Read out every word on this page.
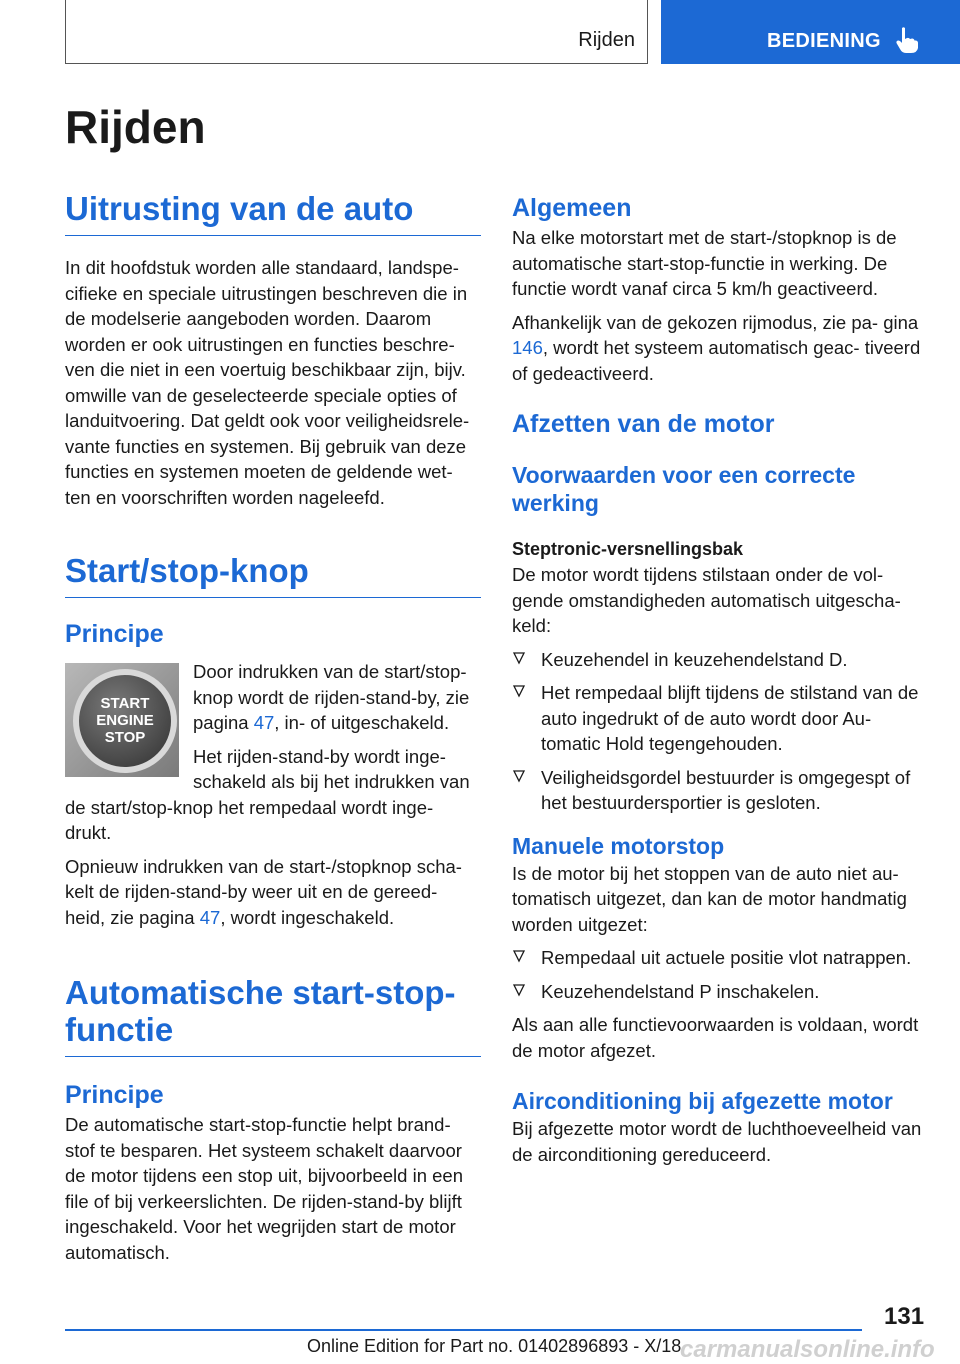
Rijden	BEDIENING
Rijden
Uitrusting van de auto

In dit hoofdstuk worden alle standaard, landspe‐ cifieke en speciale uitrustingen beschreven die in de modelserie aangeboden worden. Daarom worden er ook uitrustingen en functies beschre‐ ven die niet in een voertuig beschikbaar zijn, bijv. omwille van de geselecteerde speciale opties of landuitvoering. Dat geldt ook voor veiligheidsrele‐ vante functies en systemen. Bij gebruik van deze functies en systemen moeten de geldende wet‐ ten en voorschriften worden nageleefd.

Start/stop-knop
Principe
START
ENGINE
STOP

Door indrukken van de start/stop- knop wordt de rijden-stand-by, zie pagina 47, in- of uitgeschakeld.

Het rijden-stand-by wordt inge‐ schakeld als bij het indrukken van de start/stop-knop het rempedaal wordt inge‐ drukt.

Opnieuw indrukken van de start-/stopknop scha‐ kelt de rijden-stand-by weer uit en de gereed‐ heid, zie pagina 47, wordt ingeschakeld.

Automatische start-stop-
functie
Principe

De automatische start-stop-functie helpt brand‐ stof te besparen. Het systeem schakelt daarvoor de motor tijdens een stop uit, bijvoorbeeld in een file of bij verkeerslichten. De rijden-stand-by blijft ingeschakeld. Voor het wegrijden start de motor automatisch.

Algemeen

Na elke motorstart met de start-/stopknop is de automatische start-stop-functie in werking. De functie wordt vanaf circa 5 km/h geactiveerd.

Afhankelijk van de gekozen rijmodus, zie pa‐ gina 146, wordt het systeem automatisch geac‐ tiveerd of gedeactiveerd.

Afzetten van de motor
Voorwaarden voor een correcte werking
Steptronic-versnellingsbak

De motor wordt tijdens stilstaan onder de vol‐ gende omstandigheden automatisch uitgescha‐ keld:

Keuzehendel in keuzehendelstand D.
Het rempedaal blijft tijdens de stilstand van de auto ingedrukt of de auto wordt door Au‐ tomatic Hold tegengehouden.
Veiligheidsgordel bestuurder is omgegespt of het bestuurdersportier is gesloten.
Manuele motorstop

Is de motor bij het stoppen van de auto niet au‐ tomatisch uitgezet, dan kan de motor handmatig worden uitgezet:

Rempedaal uit actuele positie vlot natrappen.
Keuzehendelstand P inschakelen.

Als aan alle functievoorwaarden is voldaan, wordt de motor afgezet.

Airconditioning bij afgezette motor

Bij afgezette motor wordt de luchthoeveelheid van de airconditioning gereduceerd.

131
Online Edition for Part no. 01402896893 - X/18
carmanualsonline.info
